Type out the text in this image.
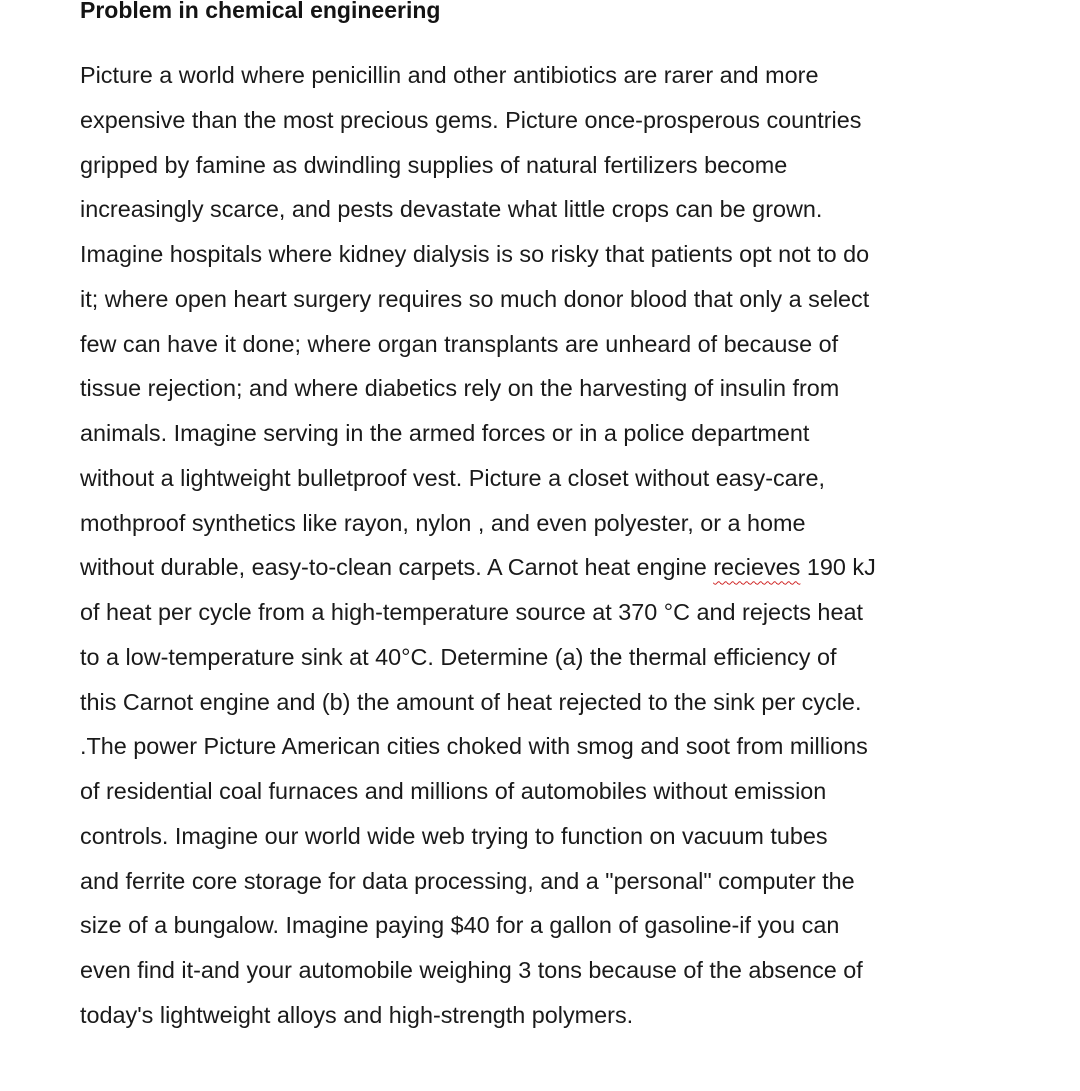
Problem in chemical engineering
Picture a world where penicillin and other antibiotics are rarer and more
expensive than the most precious gems. Picture once-prosperous countries
gripped by famine as dwindling supplies of natural fertilizers become
increasingly scarce, and pests devastate what little crops can be grown.
Imagine hospitals where kidney dialysis is so risky that patients opt not to do
it; where open heart surgery requires so much donor blood that only a select
few can have it done; where organ transplants are unheard of because of
tissue rejection; and where diabetics rely on the harvesting of insulin from
animals. Imagine serving in the armed forces or in a police department
without a lightweight bulletproof vest. Picture a closet without easy-care,
mothproof synthetics like rayon, nylon , and even polyester, or a home
without durable, easy-to-clean carpets. A Carnot heat engine recieves 190 kJ
of heat per cycle from a high-temperature source at 370 °C and rejects heat
to a low-temperature sink at 40°C. Determine (a) the thermal efficiency of
this Carnot engine and (b) the amount of heat rejected to the sink per cycle.
.The power Picture American cities choked with smog and soot from millions
of residential coal furnaces and millions of automobiles without emission
controls. Imagine our world wide web trying to function on vacuum tubes
and ferrite core storage for data processing, and a "personal" computer the
size of a bungalow. Imagine paying $40 for a gallon of gasoline-if you can
even find it-and your automobile weighing 3 tons because of the absence of
today's lightweight alloys and high-strength polymers.
